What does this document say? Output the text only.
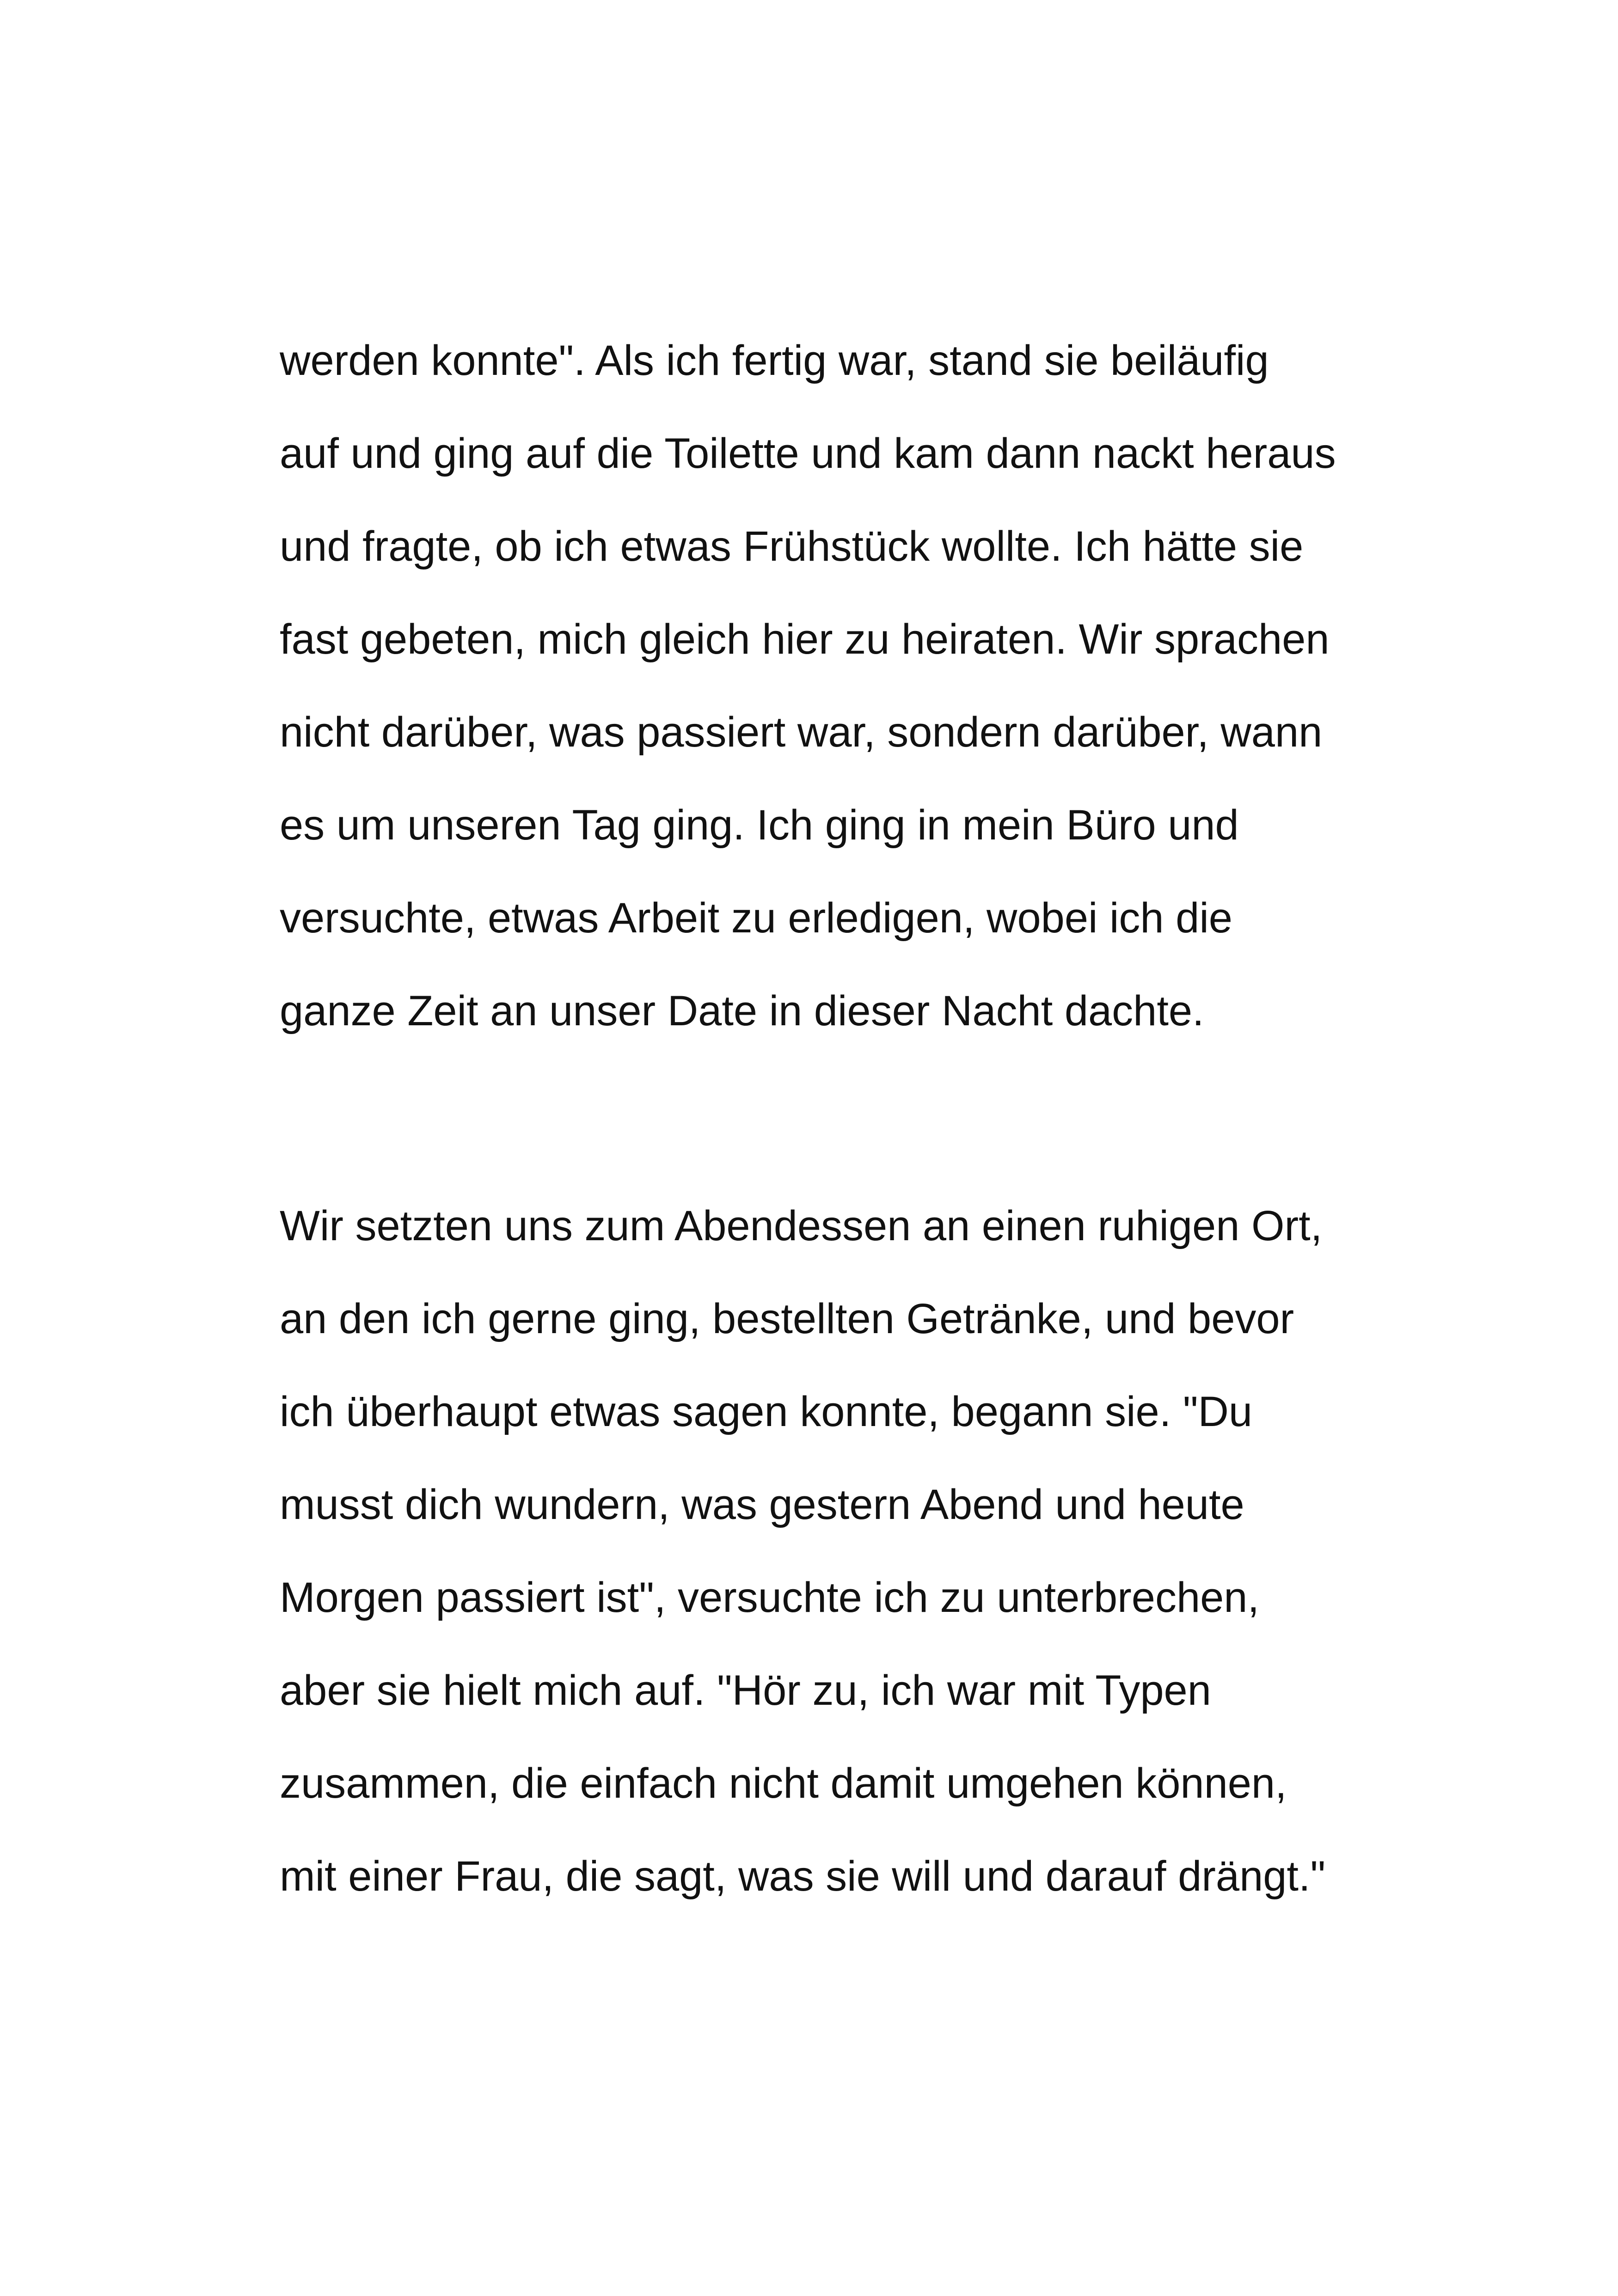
werden konnte". Als ich fertig war, stand sie beiläufig
auf und ging auf die Toilette und kam dann nackt heraus
und fragte, ob ich etwas Frühstück wollte. Ich hätte sie
fast gebeten, mich gleich hier zu heiraten. Wir sprachen
nicht darüber, was passiert war, sondern darüber, wann
es um unseren Tag ging. Ich ging in mein Büro und
versuchte, etwas Arbeit zu erledigen, wobei ich die
ganze Zeit an unser Date in dieser Nacht dachte.
Wir setzten uns zum Abendessen an einen ruhigen Ort,
an den ich gerne ging, bestellten Getränke, und bevor
ich überhaupt etwas sagen konnte, begann sie. "Du
musst dich wundern, was gestern Abend und heute
Morgen passiert ist", versuchte ich zu unterbrechen,
aber sie hielt mich auf. "Hör zu, ich war mit Typen
zusammen, die einfach nicht damit umgehen können,
mit einer Frau, die sagt, was sie will und darauf drängt."
